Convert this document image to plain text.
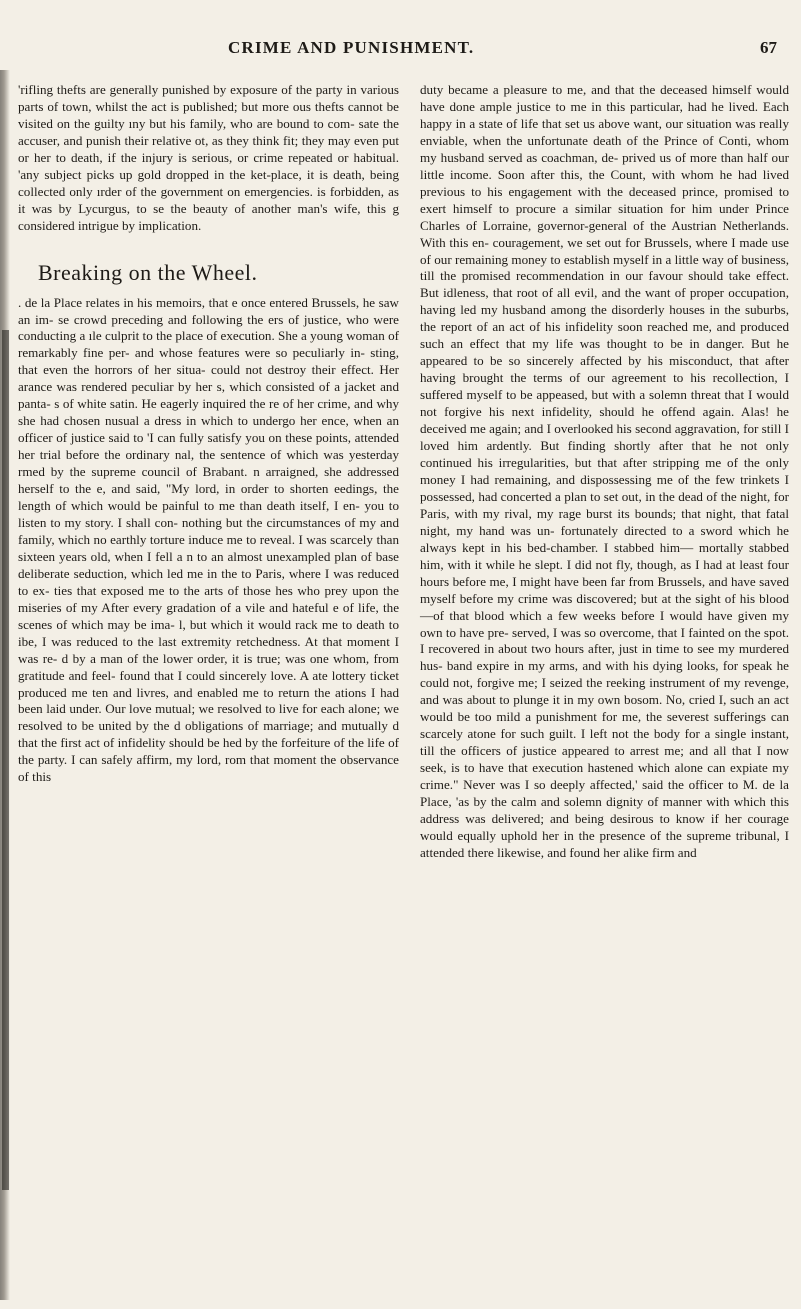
CRIME AND PUNISHMENT.	67

'rifling thefts are generally punished by exposure of the party in various parts of town, whilst the act is published; but more ous thefts cannot be visited on the guilty ıny but his family, who are bound to com- sate the accuser, and punish their relative ot, as they think fit; they may even put or her to death, if the injury is serious, or crime repeated or habitual. 'any subject picks up gold dropped in the ket-place, it is death, being collected only ırder of the government on emergencies. is forbidden, as it was by Lycurgus, to se the beauty of another man's wife, this g considered intrigue by implication.

Breaking on the Wheel.

. de la Place relates in his memoirs, that e once entered Brussels, he saw an im- se crowd preceding and following the ers of justice, who were conducting a ıle culprit to the place of execution. She a young woman of remarkably fine per- and whose features were so peculiarly in- sting, that even the horrors of her situa- could not destroy their effect. Her arance was rendered peculiar by her s, which consisted of a jacket and panta- s of white satin. He eagerly inquired the re of her crime, and why she had chosen nusual a dress in which to undergo her ence, when an officer of justice said to 'I can fully satisfy you on these points, attended her trial before the ordinary nal, the sentence of which was yesterday rmed by the supreme council of Brabant. n arraigned, she addressed herself to the e, and said, "My lord, in order to shorten eedings, the length of which would be painful to me than death itself, I en- you to listen to my story. I shall con- nothing but the circumstances of my and family, which no earthly torture induce me to reveal. I was scarcely than sixteen years old, when I fell a n to an almost unexampled plan of base deliberate seduction, which led me in the to Paris, where I was reduced to ex- ties that exposed me to the arts of those hes who prey upon the miseries of my After every gradation of a vile and hateful e of life, the scenes of which may be ima- l, but which it would rack me to death to ibe, I was reduced to the last extremity retchedness. At that moment I was re- d by a man of the lower order, it is true; was one whom, from gratitude and feel- found that I could sincerely love. A ate lottery ticket produced me ten and livres, and enabled me to return the ations I had been laid under. Our love mutual; we resolved to live for each alone; we resolved to be united by the d obligations of marriage; and mutually d that the first act of infidelity should be hed by the forfeiture of the life of the party. I can safely affirm, my lord, rom that moment the observance of this

duty became a pleasure to me, and that the deceased himself would have done ample justice to me in this particular, had he lived. Each happy in a state of life that set us above want, our situation was really enviable, when the unfortunate death of the Prince of Conti, whom my husband served as coachman, de- prived us of more than half our little income. Soon after this, the Count, with whom he had lived previous to his engagement with the deceased prince, promised to exert himself to procure a similar situation for him under Prince Charles of Lorraine, governor-general of the Austrian Netherlands. With this en- couragement, we set out for Brussels, where I made use of our remaining money to establish myself in a little way of business, till the promised recommendation in our favour should take effect. But idleness, that root of all evil, and the want of proper occupation, having led my husband among the disorderly houses in the suburbs, the report of an act of his infidelity soon reached me, and produced such an effect that my life was thought to be in danger. But he appeared to be so sincerely affected by his misconduct, that after having brought the terms of our agreement to his recollection, I suffered myself to be appeased, but with a solemn threat that I would not forgive his next infidelity, should he offend again. Alas! he deceived me again; and I overlooked his second aggravation, for still I loved him ardently. But finding shortly after that he not only continued his irregularities, but that after stripping me of the only money I had remaining, and dispossessing me of the few trinkets I possessed, had concerted a plan to set out, in the dead of the night, for Paris, with my rival, my rage burst its bounds; that night, that fatal night, my hand was un- fortunately directed to a sword which he always kept in his bed-chamber. I stabbed him— mortally stabbed him, with it while he slept. I did not fly, though, as I had at least four hours before me, I might have been far from Brussels, and have saved myself before my crime was discovered; but at the sight of his blood—of that blood which a few weeks before I would have given my own to have pre- served, I was so overcome, that I fainted on the spot. I recovered in about two hours after, just in time to see my murdered hus- band expire in my arms, and with his dying looks, for speak he could not, forgive me; I seized the reeking instrument of my revenge, and was about to plunge it in my own bosom. No, cried I, such an act would be too mild a punishment for me, the severest sufferings can scarcely atone for such guilt. I left not the body for a single instant, till the officers of justice appeared to arrest me; and all that I now seek, is to have that execution hastened which alone can expiate my crime." Never was I so deeply affected,' said the officer to M. de la Place, 'as by the calm and solemn dignity of manner with which this address was delivered; and being desirous to know if her courage would equally uphold her in the presence of the supreme tribunal, I attended there likewise, and found her alike firm and
